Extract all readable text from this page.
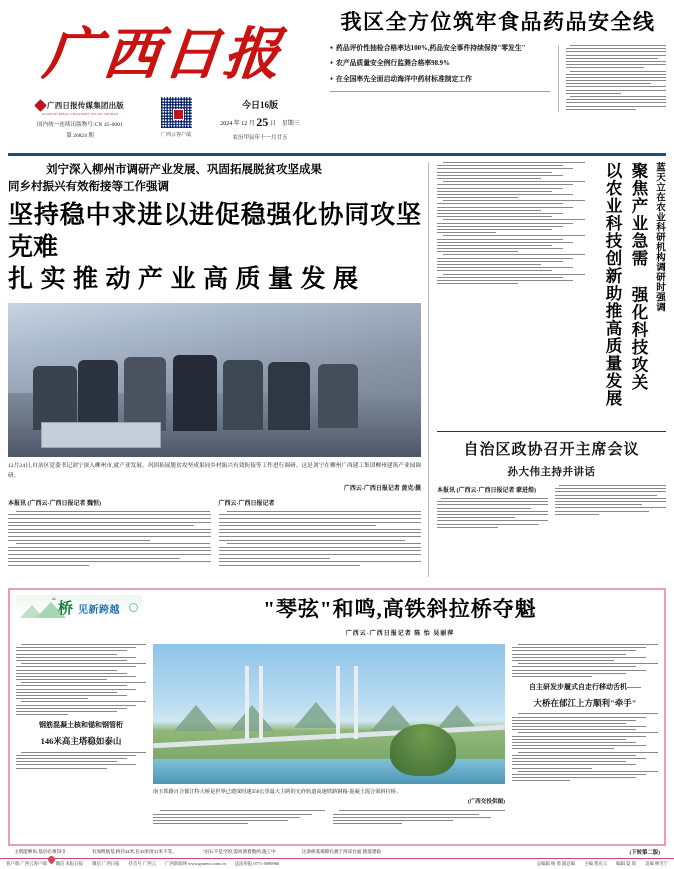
广西日报
广西日报传媒集团出版
GUANGXI RIBAO CHUANMEI JITUAN CHUBAN
国内统一连续出版物号:CN 45-0001
第 26824 期	广西云客户端
今日16版
2024 年 12 月 25 日 星期三
农历甲辰年十一月廿五
我区全方位筑牢食品药品安全线
● 药品评价性抽检合格率达100%,药品安全事件持续保持"零发生"
● 农产品质量安全例行监测合格率98.9%
● 在全国率先全面启动海洋中药材标准制定工作
刘宁深入柳州市调研产业发展、巩固拓展脱贫攻坚成果
同乡村振兴有效衔接等工作强调
坚持稳中求进以进促稳强化协同攻坚克难
扎实推动产业高质量发展
12月24日,自治区党委书记刘宁深入柳州市,就产业发展、巩固拓展脱贫攻坚成果同乡村振兴有效衔接等工作进行调研。这是刘宁在柳州广西建工集团柳州建筑产业园调研。
广西云-广西日报记者 黄克/摄
本报讯 (广西云-广西日报记者 魏恒)	广西云-广西日报记者
蓝天立在农业科研机构调研时强调
聚焦产业急需 强化科技攻关
以农业科技创新助推高质量发展
自治区政协召开主席会议
孙大伟主持并讲话
本报讯 (广西云-广西日报记者 蒙进煌)
“ 桥 见新跨越	"琴弦"和鸣,高铁斜拉桥夺魁
广西云-广西日报记者 陈 怡 吴丽萍
钢筋混凝土核和锚和钢管桁
146米高主塔稳如泰山
南玉铁路百合郁江特大桥是世界已建成时速350公里最大主跨的无砟轨道高速铁路钢箱-混凝土混合梁斜拉桥。
(广西交投供图)
自主研发步履式自走行移动舌机——
大桥在郁江上方顺利"牵手"
主塔能够角,基层必须知引	有加明航基,桥径24米,长33米度31米不等。	"岩石不是空的,需同凿着数两,施工中	这条桥基保障孔极于河床台面,使落建稳	(下转第二版)
客户端 广西云客户端 微信 本报日报 微信 广西日报 抖音号 广西云 广西新闻网 www.gxnews.com.cn 违法举报 0771-5690966	总编辑 杨 勇 副总编 主编 黄庆云 编辑 夏 琛 美编 林雪宁
